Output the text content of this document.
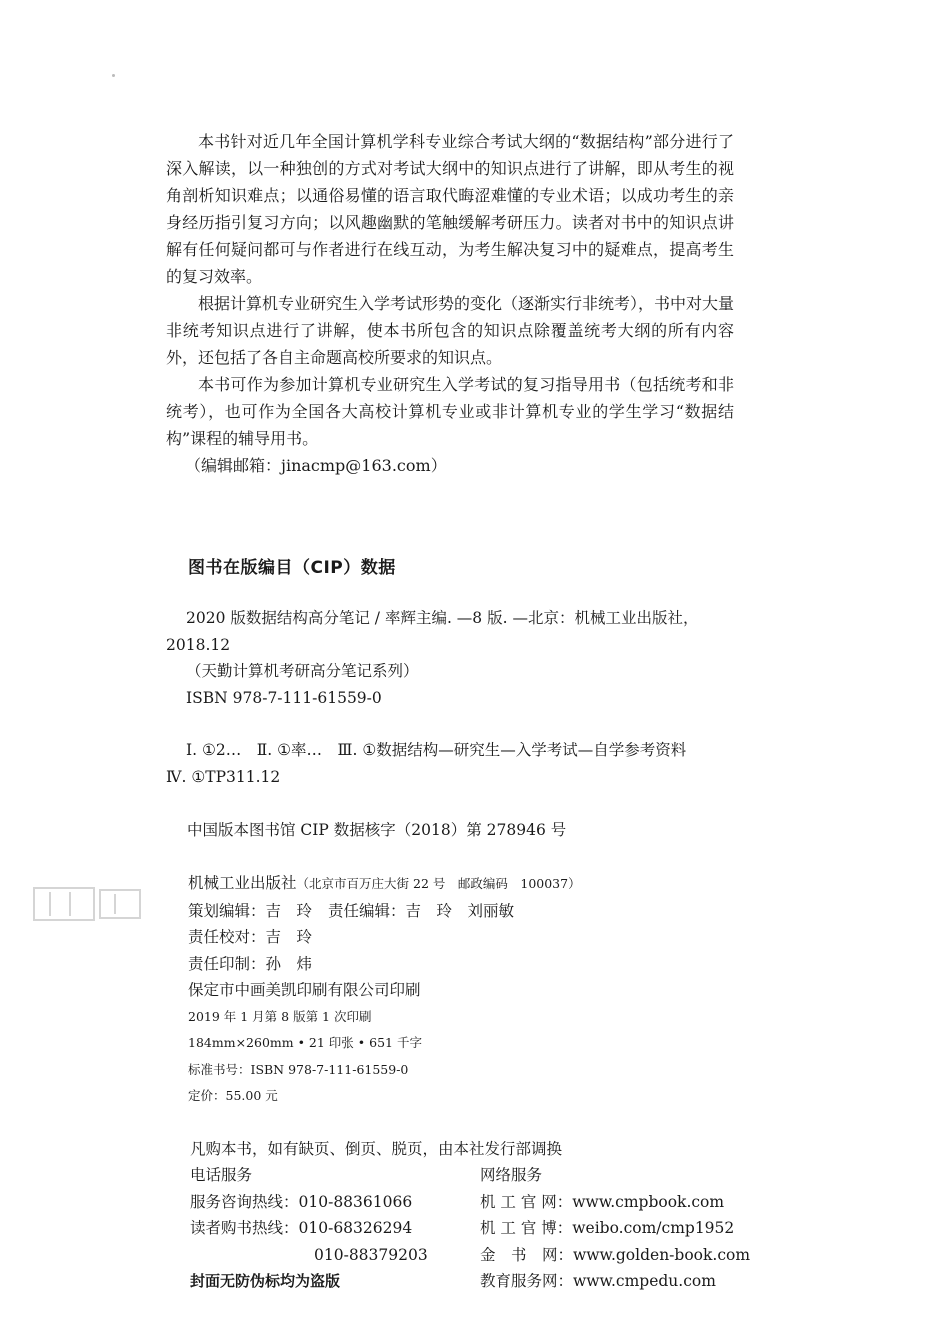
本书针对近几年全国计算机学科专业综合考试大纲的“数据结构”部分进行了深入解读，以一种独创的方式对考试大纲中的知识点进行了讲解，即从考生的视角剖析知识难点；以通俗易懂的语言取代晦涩难懂的专业术语；以成功考生的亲身经历指引复习方向；以风趣幽默的笔触缓解考研压力。读者对书中的知识点讲解有任何疑问都可与作者进行在线互动，为考生解决复习中的疑难点，提高考生的复习效率。

根据计算机专业研究生入学考试形势的变化（逐渐实行非统考），书中对大量非统考知识点进行了讲解，使本书所包含的知识点除覆盖统考大纲的所有内容外，还包括了各自主命题高校所要求的知识点。

本书可作为参加计算机专业研究生入学考试的复习指导用书（包括统考和非统考），也可作为全国各大高校计算机专业或非计算机专业的学生学习“数据结构”课程的辅导用书。

（编辑邮箱：jinacmp@163.com）

图书在版编目（CIP）数据

2020 版数据结构高分笔记 / 率辉主编. —8 版. —北京：机械工业出版社，2018.12

（天勤计算机考研高分笔记系列）

ISBN 978-7-111-61559-0

Ⅰ. ①2…　Ⅱ. ①率…　Ⅲ. ①数据结构—研究生—入学考试—自学参考资料　Ⅳ. ①TP311.12

中国版本图书馆 CIP 数据核字（2018）第 278946 号

机械工业出版社（北京市百万庄大街 22 号　邮政编码　100037）

策划编辑：吉　玲 责任编辑：吉　玲　刘丽敏

责任校对：吉　玲

责任印制：孙　炜

保定市中画美凯印刷有限公司印刷

2019 年 1 月第 8 版第 1 次印刷

184mm×260mm • 21 印张 • 651 千字

标准书号：ISBN 978-7-111-61559-0

定价：55.00 元

凡购本书，如有缺页、倒页、脱页，由本社发行部调换

电话服务

服务咨询热线：010-88361066

读者购书热线：010-68326294

010-88379203

封面无防伪标均为盗版

网络服务

机 工 官 网：www.cmpbook.com

机 工 官 博：weibo.com/cmp1952

金　书　网：www.golden-book.com

教育服务网：www.cmpedu.com
